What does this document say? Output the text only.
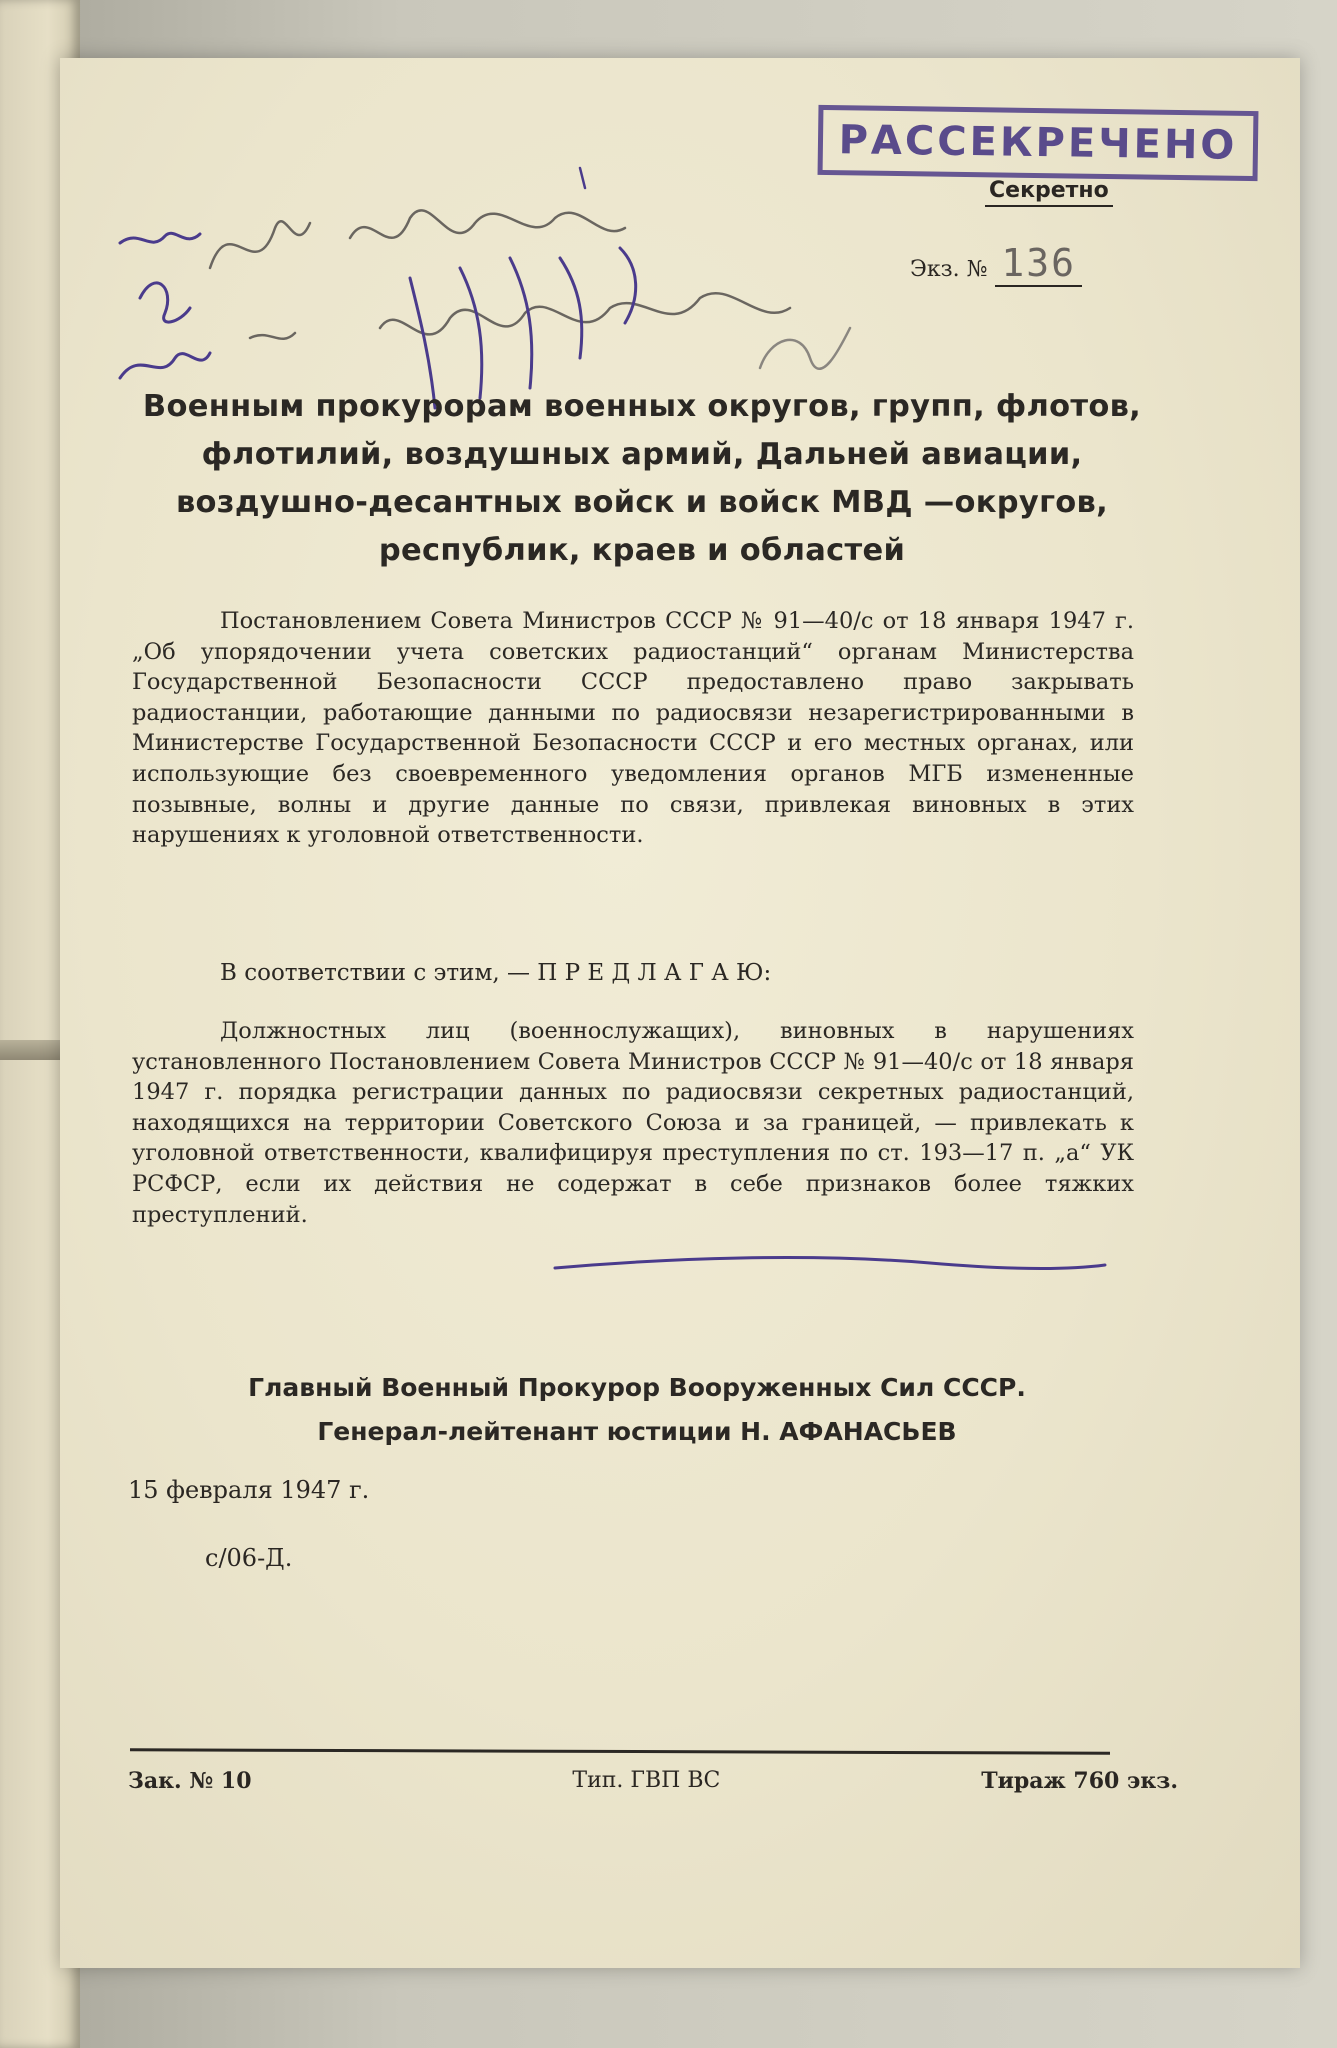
РАССЕКРЕЧЕНО
Секретно
Экз. № 136
Военным прокурорам военных округов, групп, флотов, флотилий, воздушных армий, Дальней авиации, воздушно-десантных войск и войск МВД —округов, республик, краев и областей
Постановлением Совета Министров СССР № 91—40/с от 18 января 1947 г. „Об упорядочении учета советских радиостанций“ органам Министерства Государственной Безопасности СССР предоставлено право закрывать радиостанции, работающие данными по радиосвязи незарегистрированными в Министерстве Государственной Безопасности СССР и его местных органах, или использующие без своевременного уведомления органов МГБ измененные позывные, волны и другие данные по связи, привлекая виновных в этих нарушениях к уголовной ответственности.
В соответствии с этим, — П Р Е Д Л А Г А Ю:
Должностных лиц (военнослужащих), виновных в нарушениях установленного Постановлением Совета Министров СССР № 91—40/с от 18 января 1947 г. порядка регистрации данных по радиосвязи секретных радиостанций, находящихся на территории Советского Союза и за границей, — привлекать к уголовной ответственности, квалифицируя преступления по ст. 193—17 п. „а“ УК РСФСР, если их действия не содержат в себе признаков более тяжких преступлений.
Главный Военный Прокурор Вооруженных Сил СССР.
Генерал-лейтенант юстиции Н. АФАНАСЬЕВ
15 февраля 1947 г.
с/06-Д.
Зак. № 10	Тип. ГВП ВС	Тираж 760 экз.
